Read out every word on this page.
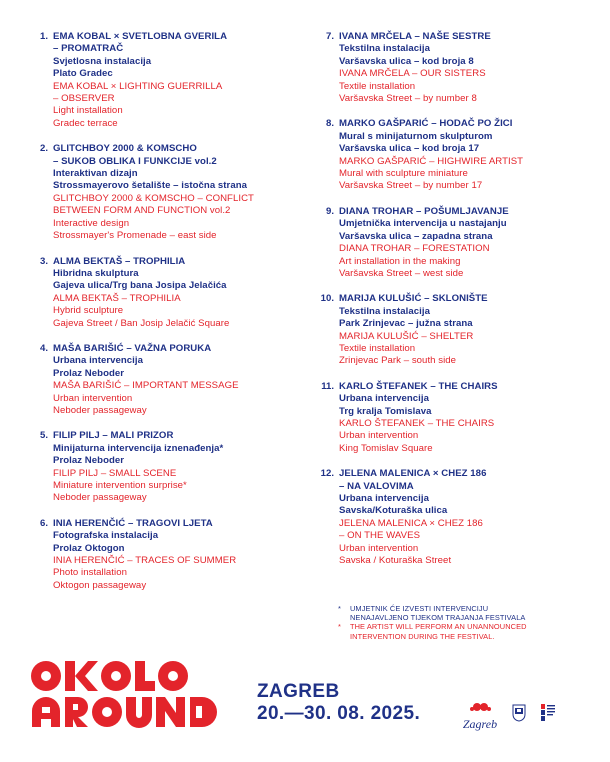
1. EMA KOBAL × SVETLOBNA GVERILA
– PROMATRAČ
Svjetlosna instalacija
Plato Gradec
EMA KOBAL × LIGHTING GUERRILLA
– OBSERVER
Light installation
Gradec terrace
2. GLITCHBOY 2000 & KOMSCHO
– SUKOB OBLIKA I FUNKCIJE vol.2
Interaktivan dizajn
Strossmayerovo šetalište – istočna strana
GLITCHBOY 2000 & KOMSCHO – CONFLICT
BETWEEN FORM AND FUNCTION vol.2
Interactive design
Strossmayer's Promenade – east side
3. ALMA BEKTAŠ – TROPHILIA
Hibridna skulptura
Gajeva ulica/Trg bana Josipa Jelačića
ALMA BEKTAŠ – TROPHILIA
Hybrid sculpture
Gajeva Street / Ban Josip Jelačić Square
4. MAŠA BARIŠIĆ – VAŽNA PORUKA
Urbana intervencija
Prolaz Neboder
MAŠA BARIŠIĆ – IMPORTANT MESSAGE
Urban intervention
Neboder passageway
5. FILIP PILJ – MALI PRIZOR
Minijaturna intervencija iznenađenja*
Prolaz Neboder
FILIP PILJ – SMALL SCENE
Miniature intervention surprise*
Neboder passageway
6. INIA HERENČIĆ – TRAGOVI LJETA
Fotografska instalacija
Prolaz Oktogon
INIA HERENČIĆ – TRACES OF SUMMER
Photo installation
Oktogon passageway
7. IVANA MRČELA – NAŠE SESTRE
Tekstilna instalacija
Varšavska ulica – kod broja 8
IVANA MRČELA – OUR SISTERS
Textile installation
Varšavska Street – by number 8
8. MARKO GAŠPARIĆ – HODAČ PO ŽICI
Mural s minijaturnom skulpturom
Varšavska ulica – kod broja 17
MARKO GAŠPARIĆ – HIGHWIRE ARTIST
Mural with sculpture miniature
Varšavska Street – by number 17
9. DIANA TROHAR – POŠUMLJAVANJE
Umjetnička intervencija u nastajanju
Varšavska ulica – zapadna strana
DIANA TROHAR – FORESTATION
Art installation in the making
Varšavska Street – west side
10. MARIJA KULUŠIĆ – SKLONIŠTE
Tekstilna instalacija
Park Zrinjevac – južna strana
MARIJA KULUŠIĆ – SHELTER
Textile installation
Zrinjevac Park – south side
11. KARLO ŠTEFANEK – THE CHAIRS
Urbana intervencija
Trg kralja Tomislava
KARLO ŠTEFANEK – THE CHAIRS
Urban intervention
King Tomislav Square
12. JELENA MALENICA × CHEZ 186
– NA VALOVIMA
Urbana intervencija
Savska/Koturaška ulica
JELENA MALENICA × CHEZ 186
– ON THE WAVES
Urban intervention
Savska / Koturaška Street
* UMJETNIK ĆE IZVESTI INTERVENCIJU
NENAJAVLJENO TIJEKOM TRAJANJA FESTIVALA
* THE ARTIST WILL PERFORM AN UNANNOUNCED
INTERVENTION DURING THE FESTIVAL.
ZAGREB
20.—30. 08. 2025.	Zagreb
